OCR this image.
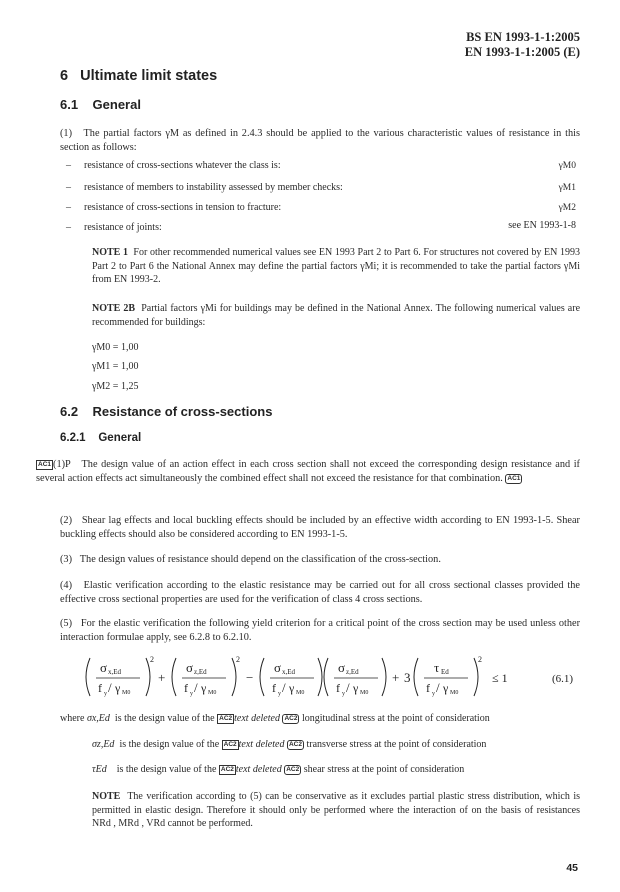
BS EN 1993-1-1:2005
EN 1993-1-1:2005 (E)
6 Ultimate limit states
6.1 General
(1) The partial factors γM as defined in 2.4.3 should be applied to the various characteristic values of resistance in this section as follows:
– resistance of cross-sections whatever the class is:	γM0
– resistance of members to instability assessed by member checks:	γM1
– resistance of cross-sections in tension to fracture:	γM2
– resistance of joints:	see EN 1993-1-8
NOTE 1 For other recommended numerical values see EN 1993 Part 2 to Part 6. For structures not covered by EN 1993 Part 2 to Part 6 the National Annex may define the partial factors γMi; it is recommended to take the partial factors γMi from EN 1993-2.
NOTE 2B Partial factors γMi for buildings may be defined in the National Annex. The following numerical values are recommended for buildings:
γM0 = 1,00
γM1 = 1,00
γM2 = 1,25
6.2 Resistance of cross-sections
6.2.1 General
AC1 (1)P The design value of an action effect in each cross section shall not exceed the corresponding design resistance and if several action effects act simultaneously the combined effect shall not exceed the resistance for that combination. AC1
(2) Shear lag effects and local buckling effects should be included by an effective width according to EN 1993-1-5. Shear buckling effects should also be considered according to EN 1993-1-5.
(3) The design values of resistance should depend on the classification of the cross-section.
(4) Elastic verification according to the elastic resistance may be carried out for all cross sectional classes provided the effective cross sectional properties are used for the verification of class 4 cross sections.
(5) For the elastic verification the following yield criterion for a critical point of the cross section may be used unless other interaction formulae apply, see 6.2.8 to 6.2.10.
σ x,Ed
f y / γ M0
2
+
σ z,Ed
f y / γ M0
2
−
σ x,Ed
f y / γ M0
σ z,Ed
f y / γ M0
+ 3
τ Ed
f y / γ M0
2
≤ 1	(6.1)
where σx,Ed is the design value of the AC2 text deleted AC2 longitudinal stress at the point of consideration
σz,Ed is the design value of the AC2 text deleted AC2 transverse stress at the point of consideration
τEd is the design value of the AC2 text deleted AC2 shear stress at the point of consideration
NOTE The verification according to (5) can be conservative as it excludes partial plastic stress distribution, which is permitted in elastic design. Therefore it should only be performed where the interaction of on the basis of resistances NRd , MRd , VRd cannot be performed.
45
